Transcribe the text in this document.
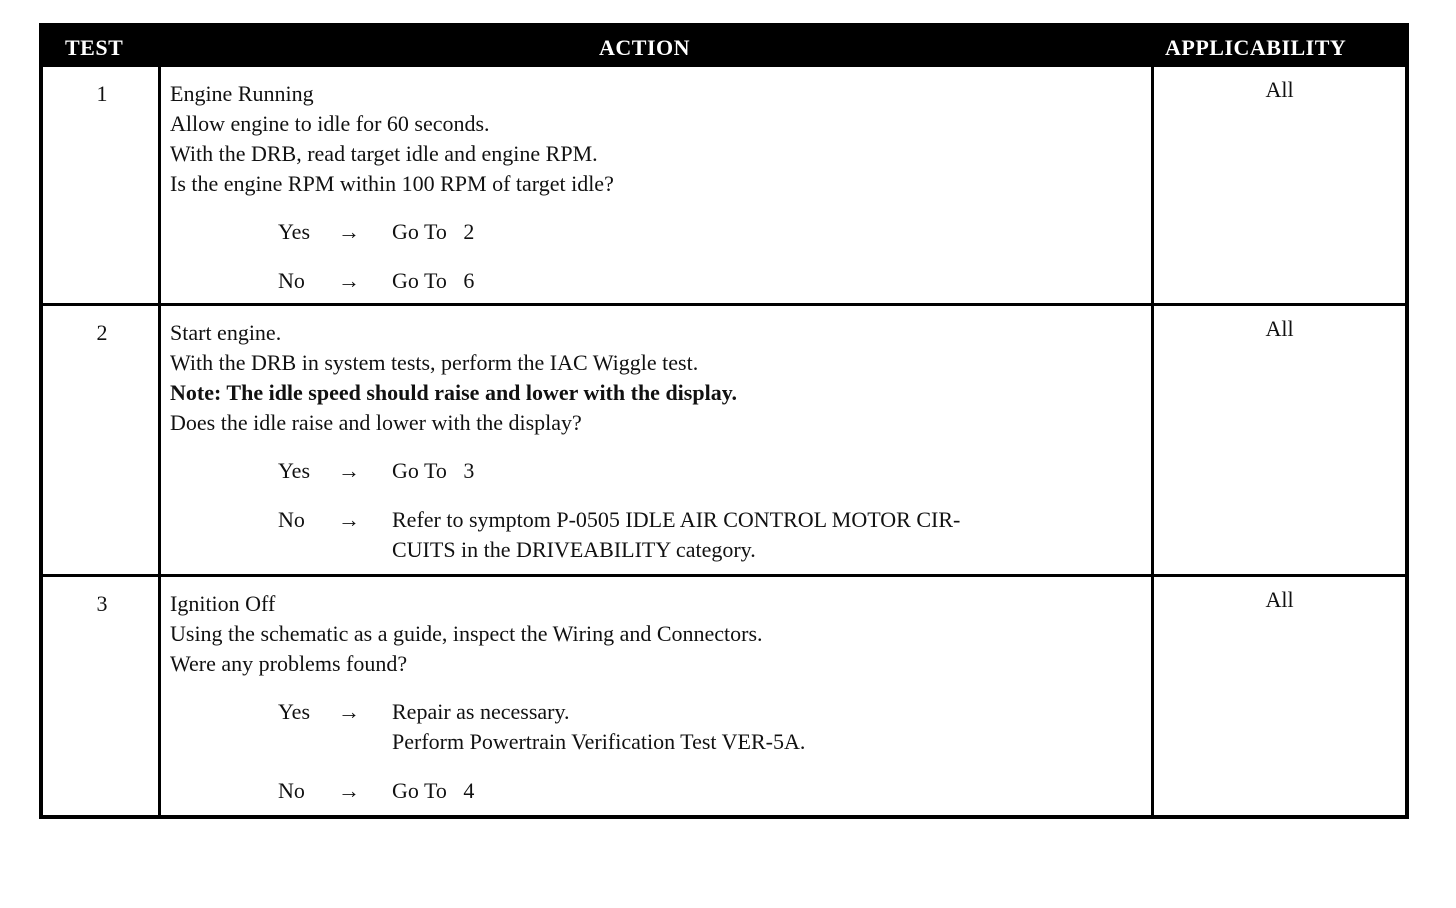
TEST	ACTION	APPLICABILITY
1	Engine Running
Allow engine to idle for 60 seconds.
With the DRB, read target idle and engine RPM.
Is the engine RPM within 100 RPM of target idle?
Yes	→	Go To   2
No	→	Go To   6
All
2	Start engine.
With the DRB in system tests, perform the IAC Wiggle test.
Note: The idle speed should raise and lower with the display.
Does the idle raise and lower with the display?
Yes	→	Go To   3
No	→	Refer to symptom P-0505 IDLE AIR CONTROL MOTOR CIR-
CUITS in the DRIVEABILITY category.
All
3	Ignition Off
Using the schematic as a guide, inspect the Wiring and Connectors.
Were any problems found?
Yes	→	Repair as necessary.
Perform Powertrain Verification Test VER-5A.
No	→	Go To   4
All
